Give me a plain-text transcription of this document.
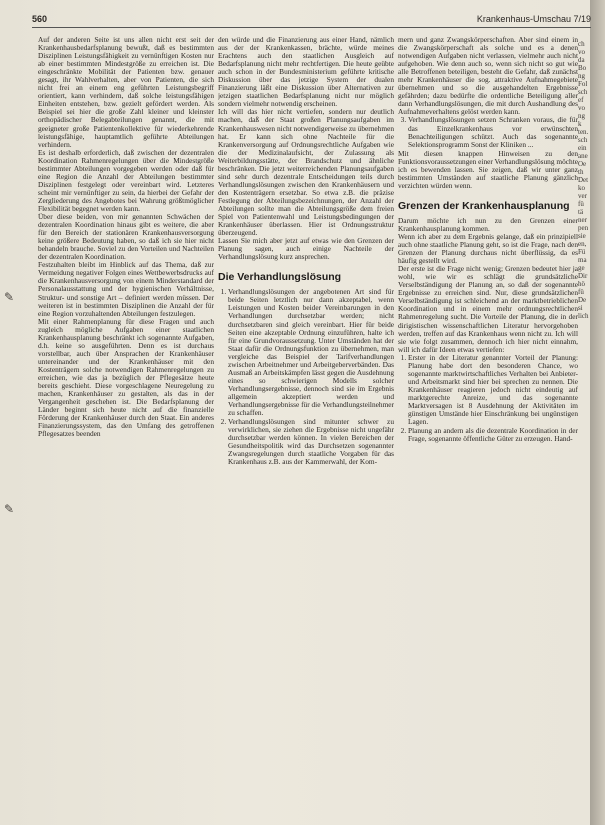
560	Krankenhaus-Umschau 7/19

Auf der anderen Seite ist uns allen nicht erst seit der Krankenhausbedarfsplanung bewußt, daß es bestimmten Disziplinen Leistungsfähigkeit zu vernünftigen Kosten nur ab einer bestimmten Mindestgröße zu erreichen ist. Die eingeschränkte Mobilität der Patienten bzw. genauer gesagt, ihr Wahlverhalten, aber von Patienten, die sich nicht frei an einem eng geführten Leistungsbegriff orientiert, kann verhindern, daß solche leistungsfähigen Einheiten entstehen, bzw. gezielt gefördert werden. Als Beispiel sei hier die große Zahl kleiner und kleinster orthopädischer Belegabteilungen genannt, die mit geeigneter große Patientenkollektive für wiederkehrende leistungsfähige, hauptamtlich geführte Abteilungen verhindern.

Es ist deshalb erforderlich, daß zwischen der dezentralen Koordination Rahmenregelungen über die Mindestgröße bestimmter Abteilungen vorgegeben werden oder daß für eine Region die Anzahl der Abteilungen bestimmter Disziplinen festgelegt oder vereinbart wird. Letzteres scheint mir vernünftiger zu sein, da hierbei der Gefahr der Zergliederung des Angebotes bei Wahrung größtmöglicher Flexibilität begegnet werden kann.

Über diese beiden, von mir genannten Schwächen der dezentralen Koordination hinaus gibt es weitere, die aber für den Bereich der stationären Krankenhausversorgung keine größere Bedeutung haben, so daß ich sie hier nicht behandeln brauche. Soviel zu den Vorteilen und Nachteilen der dezentralen Koordination.

Festzuhalten bleibt im Hinblick auf das Thema, daß zur Vermeidung negativer Folgen eines Wettbewerbsdrucks auf die Krankenhausversorgung von einem Minderstandard der Personalausstattung und der hygienischen Verhältnisse, Struktur- und sonstige Art – definiert werden müssen. Der weiteren ist in bestimmten Disziplinen die Anzahl der für eine Region vorzuhaltenden Abteilungen festzulegen.

Mit einer Rahmenplanung für diese Fragen und auch zugleich mögliche Aufgaben einer staatlichen Krankenhausplanung beschränkt ich sogenannte Aufgaben, d.h. keine so ausgeführten. Denn es ist durchaus vorstellbar, auch über Ansprachen der Krankenhäuser untereinander und der Krankenhäuser mit den Kostenträgern solche notwendigen Rahmenregelungen zu erreichen, wie das ja bezüglich der Pflegesätze heute bereits geschieht. Diese vorgeschlagene Neuregelung zu machen, Krankenhäuser zu gestalten, als das in der Vergangenheit geschehen ist. Die Bedarfsplanung der Länder beginnt sich heute nicht auf die finanzielle Förderung der Krankenhäuser durch den Staat. Ein anderes Finanzierungssystem, das den Umfang des getroffenen Pflegesatzes beenden

den würde und die Finanzierung aus einer Hand, nämlich aus der der Krankenkassen, brächte, würde meines Erachtens auch den staatlichen Ausgleich auf Bedarfsplanung nicht mehr rechtfertigen. Die heute geübte auch schon in der Bundesministerium geführte kritische Diskussion über das jetzige System der dualen Finanzierung läßt eine Diskussion über Alternativen zur jetzigen staatlichen Bedarfsplanung nicht nur möglich sondern vielmehr notwendig erscheinen.

Ich will das hier nicht vertiefen, sondern nur deutlich machen, daß der Staat großen Planungsaufgaben im Krankenhauswesen nicht notwendigerweise zu übernehmen hat. Er kann sich ohne Nachteile für die Krankenversorgung auf Ordnungsrechtliche Aufgaben wie die der Medizinalaufsicht, der Zulassung als Weiterbildungsstätte, der Brandschutz und ähnliche beschränken. Die jetzt weiterreichenden Planungsaufgaben sind sehr durch dezentrale Entscheidungen teils durch Verhandlungslösungen zwischen den Krankenhäusern und den Kostenträgern ersetzbar. So etwa z.B. die präzise Festlegung der Abteilungsbezeichnungen, der Anzahl der Abteilungen sollte man die Abteilungsgröße dem freien Spiel von Patientenwahl und Leistungsbedingungen der Krankenhäuser überlassen. Hier ist Ordnungsstruktur überzeugend.

Lassen Sie mich aber jetzt auf etwas wie den Grenzen der Planung sagen, auch einige Nachteile der Verhandlungslösung kurz ansprechen.

Die Verhandlungslösung
1. Verhandlungslösungen der angebotenen Art sind für beide Seiten letztlich nur dann akzeptabel, wenn Leistungen und Kosten beider Vereinbarungen in den Verhandlungen durchsetzbar werden; nicht durchsetzbaren sind gleich vereinbart. Hier für beide Seiten eine akzeptable Ordnung einzuführen, halte ich für eine Grundvoraussetzung. Unter Umständen hat der Staat dafür die Ordnungsfunktion zu übernehmen, man vergleiche das Beispiel der Tarifverhandlungen zwischen Arbeitnehmer und Arbeitgeberverbänden. Das Ausmaß an Arbeitskämpfen lässt gegen die Ausdehnung eines so schwierigen Modells solcher Verhandlungsergebnisse, dennoch sind sie im Ergebnis allgemein akzeptiert werden und Verhandlungsergebnisse für die Verhandlungsteilnehmer zu schaffen.
2. Verhandlungslösungen sind mitunter schwer zu verwirklichen, sie ziehen die Ergebnisse nicht ungefähr durchsetzbar werden können. In vielen Bereichen der Gesundheitspolitik wird das Durchsetzen sogenannter Zwangsregelungen durch staatliche Vorgaben für das Krankenhaus z.B. aus der Kammerwahl, der Kom-

mern und ganz Zwangskörperschaften. Aber sind einem in die Zwangskörperschaft als solche und es a denen notwendigen Aufgaben nicht verlassen, vielmehr auch nicht aufgehoben. Wie denn auch so, wenn sich nicht so gut wie alle Betroffenen beteiligen, besteht die Gefahr, daß zunächst mehr Krankenhäuser die sog. attraktive Aufnahmegebiete übernehmen und so die ausgehandelten Ergebnisse gefährden; dazu bedürfte die ordentliche Beteiligung aller dann Verhandlungslösungen, die mit durch Aushandlung des Aufnahmeverhaltens gelöst werden kann.

3. Verhandlungslösungen setzen Schranken voraus, die für das Einzelkrankenhaus vor erwünschten Benachteiligungen schützt. Auch das sogenannte Selektionsprogramm Sonst der Kliniken ...

Mit diesen knappen Hinweisen zu den Funktionsvoraussetzungen einer Verhandlungslösung möchte ich es bewenden lassen. Sie zeigen, daß wir unter ganz bestimmten Umständen auf staatliche Planung gänzlich verzichten würden wenn.

Grenzen der Krankenhausplanung

Darum möchte ich nun zu den Grenzen einer Krankenhausplanung kommen.

Wenn ich aber zu dem Ergebnis gelange, daß ein prinzipiell auch ohne staatliche Planung geht, so ist die Frage, nach den Grenzen der Planung durchaus nicht überflüssig, da es häufig gestellt wird.

Der erste ist die Frage nicht wenig; Grenzen bedeutet hier ja wohl, wie wir es schlägt die grundsätzliche Verselbständigung der Planung an, so daß der sogenannte Ergebnisse zu erreichen sind. Nur, diese grundsätzlichen Verselbständigung ist schleichend an der marktbetrieblichen Koordination und in einem mehr ordnungsrechtlichen Rahmenregelung sucht. Die Vorteile der Planung, die in der dirigistischen wissenschaftlichen Literatur hervorgehoben werden, treffen auf das Krankenhaus wenn nicht zu. Ich will sie wie folgt zusammen, dennoch ich hier nicht einnahm, will ich dafür Ideen etwas vertiefen:

1. Erster in der Literatur genannter Vorteil der Planung: Planung habe dort den besonderen Chance, wo sogenannte marktwirtschaftliches Verhalten bei Anbieter- und Arbeitsmarkt sind hier bei sprechen zu nennen. Die Krankenhäuser reagieren jedoch nicht eindeutig auf marktgerechte Anreize, und das sogenannte Marktversagen ist 8 Ausdehnung der Aktivitäten im günstigen Umstände hier Einschränkung bei ungünstigen Lagen.
2. Planung an andern als die dezentrale Koordination in der Frage, sogenannte öffentliche Güter zu erzeugen. Hand-
✎
✎
ch vo da Bo ng Fol sch ef vo ng k ten. sch ein ane Oe th Det ko ver fü tä ner pen sie en, Fü ma ge Dir hö fü De si lich
